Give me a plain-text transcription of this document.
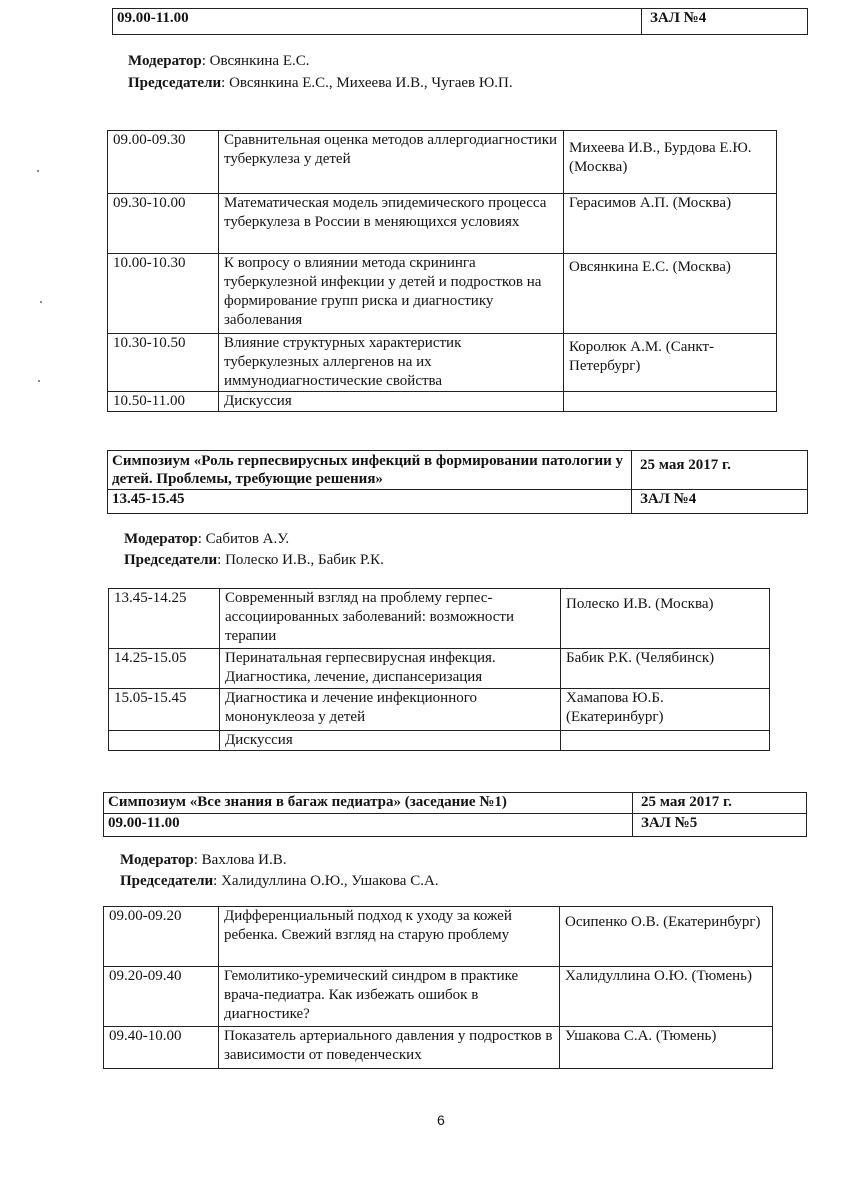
09.00-11.00	ЗАЛ №4
Модератор: Овсянкина Е.С.
Председатели: Овсянкина Е.С., Михеева И.В., Чугаев Ю.П.
09.00-09.30	Сравнительная оценка методов аллергодиагностики туберкулеза у детей	Михеева И.В., Бурдова Е.Ю. (Москва)
09.30-10.00	Математическая модель эпидемического процесса туберкулеза в России в меняющихся условиях	Герасимов А.П. (Москва)
10.00-10.30	К вопросу о влиянии метода скрининга туберкулезной инфекции у детей и подростков на формирование групп риска и диагностику заболевания	Овсянкина Е.С. (Москва)
10.30-10.50	Влияние структурных характеристик туберкулезных аллергенов на их иммунодиагностические свойства	Королюк А.М. (Санкт-Петербург)
10.50-11.00	Дискуссия	
Симпозиум «Роль герпесвирусных инфекций в формировании патологии у детей. Проблемы, требующие решения»	25 мая 2017 г.
13.45-15.45	ЗАЛ №4
Модератор: Сабитов А.У.
Председатели: Полеско И.В., Бабик Р.К.
13.45-14.25	Современный взгляд на проблему герпес-ассоциированных заболеваний: возможности терапии	Полеско И.В. (Москва)
14.25-15.05	Перинатальная герпесвирусная инфекция. Диагностика, лечение, диспансеризация	Бабик Р.К. (Челябинск)
15.05-15.45	Диагностика и лечение инфекционного мононуклеоза у детей	Хамапова Ю.Б. (Екатеринбург)
	Дискуссия	
Симпозиум «Все знания в багаж педиатра» (заседание №1)	25 мая 2017 г.
09.00-11.00	ЗАЛ №5
Модератор: Вахлова И.В.
Председатели: Халидуллина О.Ю., Ушакова С.А.
09.00-09.20	Дифференциальный подход к уходу за кожей ребенка. Свежий взгляд на старую проблему	Осипенко О.В. (Екатеринбург)
09.20-09.40	Гемолитико-уремический синдром в практике врача-педиатра. Как избежать ошибок в диагностике?	Халидуллина О.Ю. (Тюмень)
09.40-10.00	Показатель артериального давления у подростков в зависимости от поведенческих	Ушакова С.А. (Тюмень)
6
